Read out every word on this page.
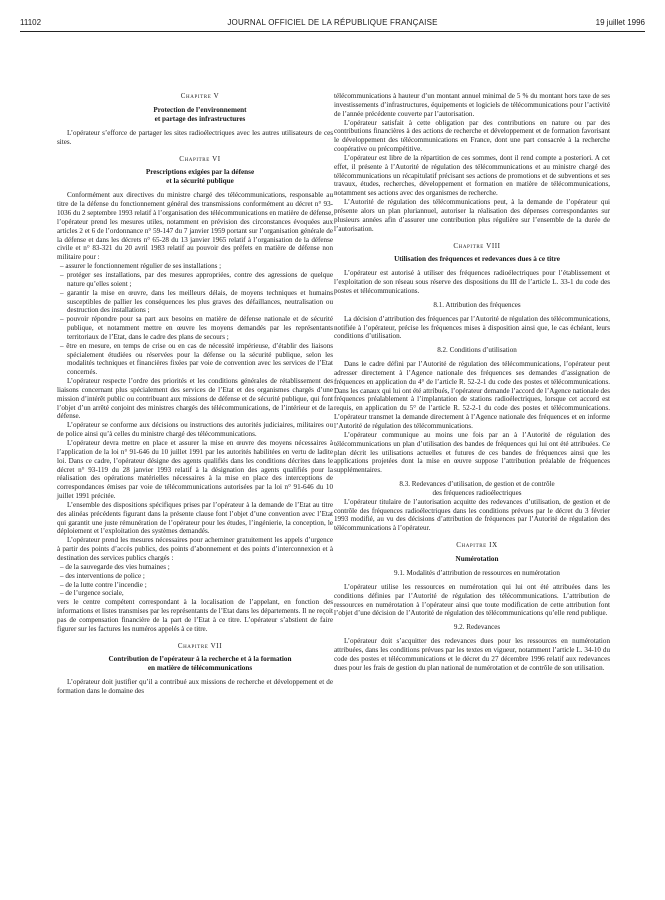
11102	JOURNAL OFFICIEL DE LA RÉPUBLIQUE FRANÇAISE	19 juillet 1996

Chapitre V

Protection de l’environnement

et partage des infrastructures

L’opérateur s’efforce de partager les sites radioélectriques avec les autres utilisateurs de ces sites.

Chapitre VI

Prescriptions exigées par la défense

et la sécurité publique

Conformément aux directives du ministre chargé des télécommunications, responsable au titre de la défense du fonctionnement général des transmissions conformément au décret n° 93-1036 du 2 septembre 1993 relatif à l’organisation des télécommunications en matière de défense, l’opérateur prend les mesures utiles, notamment en prévision des circonstances évoquées aux articles 2 et 6 de l’ordonnance n° 59-147 du 7 janvier 1959 portant sur l’organisation générale de la défense et dans les décrets n° 65-28 du 13 janvier 1965 relatif à l’organisation de la défense civile et n° 83-321 du 20 avril 1983 relatif au pouvoir des préfets en matière de défense non militaire pour :

– assurer le fonctionnement régulier de ses installations ;
– protéger ses installations, par des mesures appropriées, contre des agressions de quelque nature qu’elles soient ;
– garantir la mise en œuvre, dans les meilleurs délais, de moyens techniques et humains susceptibles de pallier les conséquences les plus graves des défaillances, neutralisation ou destruction des installations ;
– pouvoir répondre pour sa part aux besoins en matière de défense nationale et de sécurité publique, et notamment mettre en œuvre les moyens demandés par les représentants territoriaux de l’Etat, dans le cadre des plans de secours ;
– être en mesure, en temps de crise ou en cas de nécessité impérieuse, d’établir des liaisons spécialement étudiées ou réservées pour la défense ou la sécurité publique, selon les modalités techniques et financières fixées par voie de convention avec les services de l’Etat concernés.

L’opérateur respecte l’ordre des priorités et les conditions générales de rétablissement des liaisons concernant plus spécialement des services de l’Etat et des organismes chargés d’une mission d’intérêt public ou contribuant aux missions de défense et de sécurité publique, qui font l’objet d’un arrêté conjoint des ministres chargés des télécommunications, de l’intérieur et de la défense.

L’opérateur se conforme aux décisions ou instructions des autorités judiciaires, militaires ou de police ainsi qu’à celles du ministre chargé des télécommunications.

L’opérateur devra mettre en place et assurer la mise en œuvre des moyens nécessaires à l’application de la loi n° 91-646 du 10 juillet 1991 par les autorités habilitées en vertu de ladite loi. Dans ce cadre, l’opérateur désigne des agents qualifiés dans les conditions décrites dans le décret n° 93-119 du 28 janvier 1993 relatif à la désignation des agents qualifiés pour la réalisation des opérations matérielles nécessaires à la mise en place des interceptions de correspondances émises par voie de télécommunications autorisées par la loi n° 91-646 du 10 juillet 1991 précitée.

L’ensemble des dispositions spécifiques prises par l’opérateur à la demande de l’Etat au titre des alinéas précédents figurant dans la présente clause font l’objet d’une convention avec l’Etat qui garantit une juste rémunération de l’opérateur pour les études, l’ingénierie, la conception, le déploiement et l’exploitation des systèmes demandés.

L’opérateur prend les mesures nécessaires pour acheminer gratuitement les appels d’urgence à partir des points d’accès publics, des points d’abonnement et des points d’interconnexion et à destination des services publics chargés :

– de la sauvegarde des vies humaines ;
– des interventions de police ;
– de la lutte contre l’incendie ;
– de l’urgence sociale,

vers le centre compétent correspondant à la localisation de l’appelant, en fonction des informations et listes transmises par les représentants de l’Etat dans les départements. Il ne reçoit pas de compensation financière de la part de l’Etat à ce titre. L’opérateur s’abstient de faire figurer sur les factures les numéros appelés à ce titre.

Chapitre VII

Contribution de l’opérateur à la recherche et à la formation

en matière de télécommunications

L’opérateur doit justifier qu’il a contribué aux missions de recherche et développement et de formation dans le domaine des

télécommunications à hauteur d’un montant annuel minimal de 5 % du montant hors taxe de ses investissements d’infrastructures, équipements et logiciels de télécommunications pour l’activité de l’année précédente couverte par l’autorisation.

L’opérateur satisfait à cette obligation par des contributions en nature ou par des contributions financières à des actions de recherche et développement et de formation favorisant le développement des télécommunications en France, dont une part consacrée à la recherche coopérative ou précompétitive.

L’opérateur est libre de la répartition de ces sommes, dont il rend compte a posteriori. A cet effet, il présente à l’Autorité de régulation des télécommunications et au ministre chargé des télécommunications un récapitulatif précisant ses actions de promotions et de subventions et ses travaux, études, recherches, développement et formation en matière de télécommunications, notamment ses actions avec des organismes de recherche.

L’Autorité de régulation des télécommunications peut, à la demande de l’opérateur qui présente alors un plan pluriannuel, autoriser la réalisation des dépenses correspondantes sur plusieurs années afin d’assurer une contribution plus régulière sur l’ensemble de la durée de l’autorisation.

Chapitre VIII

Utilisation des fréquences et redevances dues à ce titre

L’opérateur est autorisé à utiliser des fréquences radioélectriques pour l’établissement et l’exploitation de son réseau sous réserve des dispositions du III de l’article L. 33-1 du code des postes et télécommunications.

8.1. Attribution des fréquences

La décision d’attribution des fréquences par l’Autorité de régulation des télécommunications, notifiée à l’opérateur, précise les fréquences mises à disposition ainsi que, le cas échéant, leurs conditions d’utilisation.

8.2. Conditions d’utilisation

Dans le cadre défini par l’Autorité de régulation des télécommunications, l’opérateur peut adresser directement à l’Agence nationale des fréquences ses demandes d’assignation de fréquences en application du 4° de l’article R. 52-2-1 du code des postes et télécommunications. Dans les canaux qui lui ont été attribués, l’opérateur demande l’accord de l’Agence nationale des fréquences préalablement à l’implantation de stations radioélectriques, lorsque cet accord est requis, en application du 5° de l’article R. 52-2-1 du code des postes et télécommunications. L’opérateur transmet la demande directement à l’Agence nationale des fréquences et en informe l’Autorité de régulation des télécommunications.

L’opérateur communique au moins une fois par an à l’Autorité de régulation des télécommunications un plan d’utilisation des bandes de fréquences qui lui ont été attribuées. Ce plan décrit les utilisations actuelles et futures de ces bandes de fréquences ainsi que les applications projetées dont la mise en œuvre suppose l’attribution préalable de fréquences supplémentaires.

8.3. Redevances d’utilisation, de gestion et de contrôle

des fréquences radioélectriques

L’opérateur titulaire de l’autorisation acquitte des redevances d’utilisation, de gestion et de contrôle des fréquences radioélectriques dans les conditions prévues par le décret du 3 février 1993 modifié, au vu des décisions d’attribution de fréquences par l’Autorité de régulation des télécommunications à l’opérateur.

Chapitre IX

Numérotation

9.1. Modalités d’attribution de ressources en numérotation

L’opérateur utilise les ressources en numérotation qui lui ont été attribuées dans les conditions définies par l’Autorité de régulation des télécommunications. L’attribution de ressources en numérotation à l’opérateur ainsi que toute modification de cette attribution font l’objet d’une décision de l’Autorité de régulation des télécommunications qu’elle rend publique.

9.2. Redevances

L’opérateur doit s’acquitter des redevances dues pour les ressources en numérotation attribuées, dans les conditions prévues par les textes en vigueur, notamment l’article L. 34-10 du code des postes et télécommunications et le décret du 27 décembre 1996 relatif aux redevances dues pour les frais de gestion du plan national de numérotation et de contrôle de son utilisation.
